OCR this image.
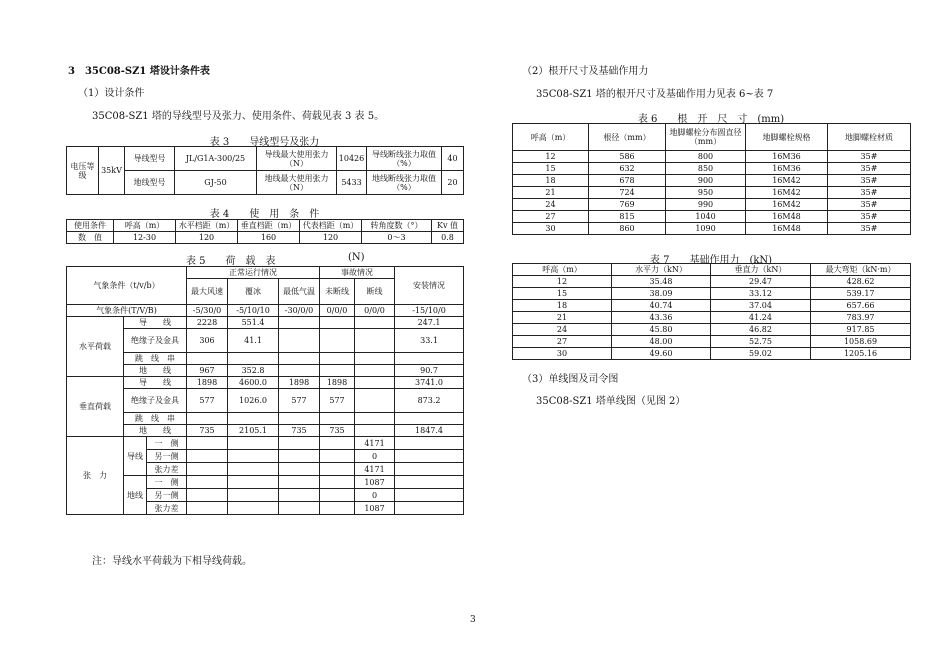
3　35C08-SZ1 塔设计条件表

（1）设计条件

35C08-SZ1 塔的导线型号及张力、使用条件、荷载见表 3 表 5。

表 3　　导线型号及张力

电压等级	35kV	导线型号	JL/G1A-300/25	导线最大使用张力（N）	10426	导线断线张力取值（%）	40
		地线型号	GJ-50	地线最大使用张力（N）	5433	地线断线张力取值（%）	20

表 4　　使　用　条　件

使用条件	呼高（m）	水平档距（m）	垂直档距（m）	代表档距（m）	转角度数（°）	Kv 值
数　值	12-30	120	160	120	0～3	0.8

表 5　　荷　载　表	(N)

气象条件（t/v/b）			正常运行情况			事故情况		安装情况
			最大风速	覆冰	最低气温	未断线	断线	
气象条件(T/V/B)			-5/30/0	-5/10/10	-30/0/0	0/0/0	0/0/0	-15/10/0
水平荷载	导　　线		2228	551.4				247.1
	绝缘子及金具		306	41.1				33.1
	跳　线　串							
	地　　线		967	352.8				90.7
垂直荷载	导　　线		1898	4600.0	1898	1898		3741.0
	绝缘子及金具		577	1026.0	577	577		873.2
	跳　线　串							
	地　　线		735	2105.1	735	735		1847.4
张　力	导线	一　侧					4171	
		另一侧					0	
		张力差					4171	
	地线	一　侧					1087	
		另一侧					0	
		张力差					1087	

注：导线水平荷载为下相导线荷载。

（2）根开尺寸及基础作用力

35C08-SZ1 塔的根开尺寸及基础作用力见表 6~表 7

表 6　　根　开　尺　寸　(mm)

呼高（m）	根径（mm）	地脚螺栓分布圆直径（mm）	地脚螺栓规格	地脚螺栓材质
12	586	800	16M36	35#
15	632	850	16M36	35#
18	678	900	16M42	35#
21	724	950	16M42	35#
24	769	990	16M42	35#
27	815	1040	16M48	35#
30	860	1090	16M48	35#

表 7　　基础作用力　(kN)

呼高（m）	水平力（kN）	垂直力（kN）	最大弯矩（kN·m）
12	35.48	29.47	428.62
15	38.09	33.12	539.17
18	40.74	37.04	657.66
21	43.36	41.24	783.97
24	45.80	46.82	917.85
27	48.00	52.75	1058.69
30	49.60	59.02	1205.16

（3）单线图及司令图

35C08-SZ1 塔单线图（见图 2）

3
